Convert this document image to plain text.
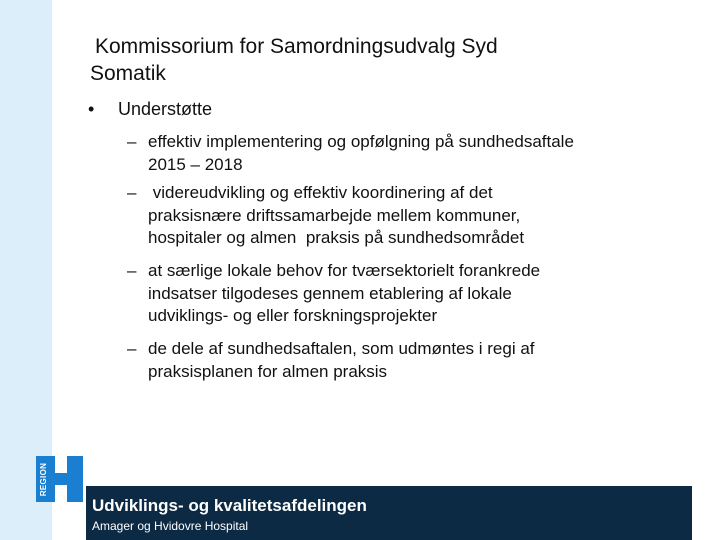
REGION
Kommissorium for Samordningsudvalg Syd
Somatik
• Understøtte
– effektiv implementering og opfølgning på sundhedsaftale
2015 – 2018
– videreudvikling og effektiv koordinering af det
praksisnære driftssamarbejde mellem kommuner,
hospitaler og almen  praksis på sundhedsområdet
– at særlige lokale behov for tværsektorielt forankrede
indsatser tilgodeses gennem etablering af lokale
udviklings- og eller forskningsprojekter
– de dele af sundhedsaftalen, som udmøntes i regi af
praksisplanen for almen praksis
Udviklings- og kvalitetsafdelingen
Amager og Hvidovre Hospital
